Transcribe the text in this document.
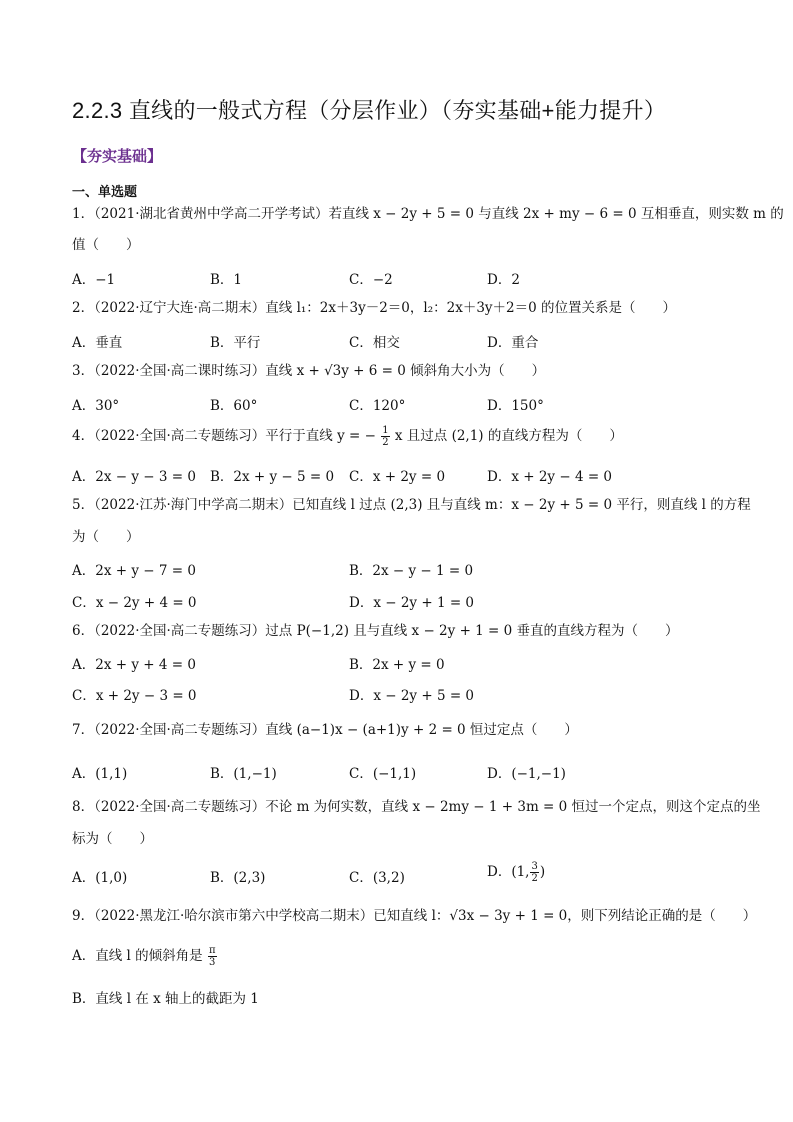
2.2.3 直线的一般式方程（分层作业）（夯实基础+能力提升）
【夯实基础】
一、单选题
1．（2021·湖北省黄州中学高二开学考试）若直线 x − 2y + 5 = 0 与直线 2x + my − 6 = 0 互相垂直，则实数 m 的
值（　　）
A．−1	B．1	C．−2	D．2
2．（2022·辽宁大连·高二期末）直线 l₁：2x＋3y－2＝0，l₂：2x＋3y＋2＝0 的位置关系是（　　）
A．垂直	B．平行	C．相交	D．重合
3．（2022·全国·高二课时练习）直线 x + √3y + 6 = 0 倾斜角大小为（　　）
A．30°	B．60°	C．120°	D．150°
4．（2022·全国·高二专题练习）平行于直线 y = − $\frac{1}{2}$ x 且过点 (2,1) 的直线方程为（　　）
A．2x − y − 3 = 0 B．2x + y − 5 = 0 C．x + 2y = 0	D．x + 2y − 4 = 0
5．（2022·江苏·海门中学高二期末）已知直线 l 过点 (2,3) 且与直线 m：x − 2y + 5 = 0 平行，则直线 l 的方程
为（　　）
A．2x + y − 7 = 0	B．2x − y − 1 = 0
C．x − 2y + 4 = 0	D．x − 2y + 1 = 0
6．（2022·全国·高二专题练习）过点 P(−1,2) 且与直线 x − 2y + 1 = 0 垂直的直线方程为（　　）
A．2x + y + 4 = 0	B．2x + y = 0
C．x + 2y − 3 = 0	D．x − 2y + 5 = 0
7．（2022·全国·高二专题练习）直线 (a−1)x − (a+1)y + 2 = 0 恒过定点（　　）
A．(1,1)	B．(1,−1)	C．(−1,1)	D．(−1,−1)
8．（2022·全国·高二专题练习）不论 m 为何实数，直线 x − 2my − 1 + 3m = 0 恒过一个定点，则这个定点的坐
标为（　　）
A．(1,0)	B．(2,3)	C．(3,2)	D．(1, $\frac{3}{2}$ )
9．（2022·黑龙江·哈尔滨市第六中学校高二期末）已知直线 l：√3x − 3y + 1 = 0，则下列结论正确的是（　　）
A．直线 l 的倾斜角是 $\frac{\pi}{3}$
B．直线 l 在 x 轴上的截距为 1
